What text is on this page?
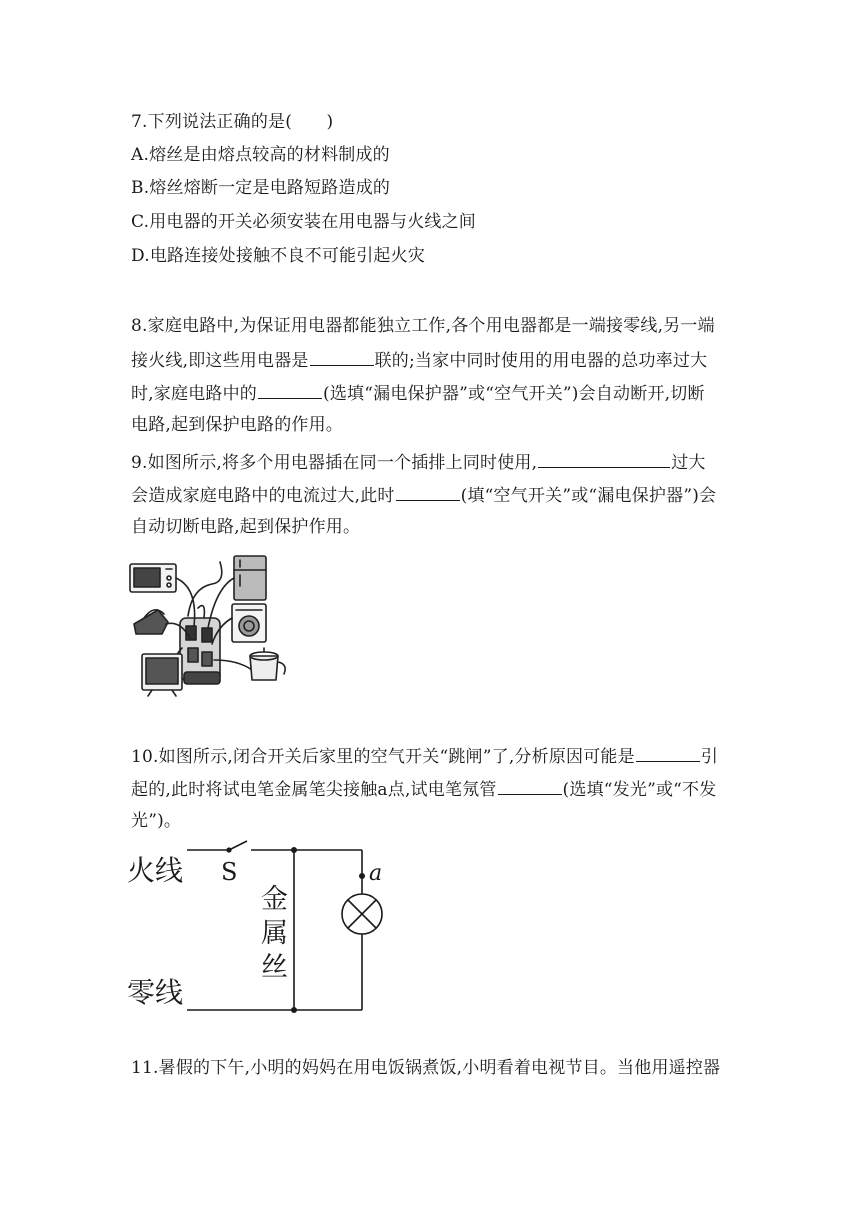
7.下列说法正确的是(　　)
A.熔丝是由熔点较高的材料制成的
B.熔丝熔断一定是电路短路造成的
C.用电器的开关必须安装在用电器与火线之间
D.电路连接处接触不良不可能引起火灾
8.家庭电路中,为保证用电器都能独立工作,各个用电器都是一端接零线,另一端
接火线,即这些用电器是	联的;当家中同时使用的用电器的总功率过大
时,家庭电路中的	(选填“漏电保护器”或“空气开关”)会自动断开,切断
电路,起到保护电路的作用。
9.如图所示,将多个用电器插在同一个插排上同时使用,	过大
会造成家庭电路中的电流过大,此时	(填“空气开关”或“漏电保护器”)会
自动切断电路,起到保护作用。
10.如图所示,闭合开关后家里的空气开关“跳闸”了,分析原因可能是	引
起的,此时将试电笔金属笔尖接触a点,试电笔氖管	(选填“发光”或“不发
光”)。
火线
零线
S
金
属
丝
a
11.暑假的下午,小明的妈妈在用电饭锅煮饭,小明看着电视节目。当他用遥控器
